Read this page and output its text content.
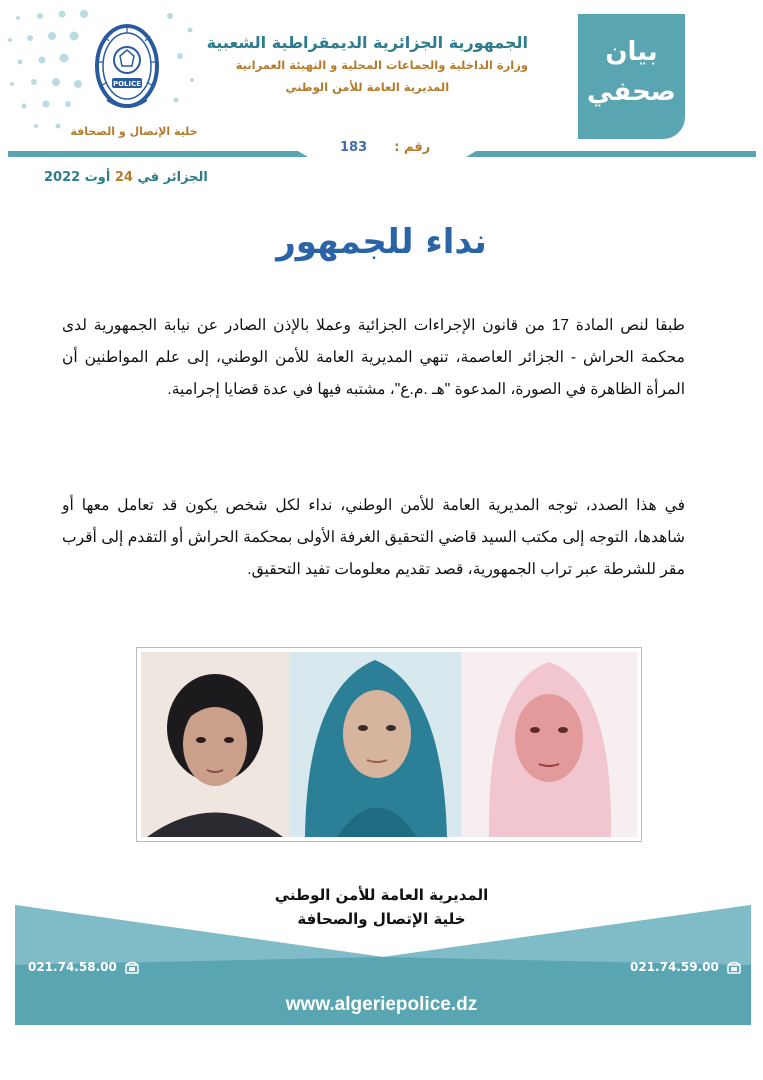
POLICE
خلية الإتصال و الصحافة
الجمهورية الجزائرية الديمقراطية الشعبية
وزارة الداخلية والجماعات المحلية و التهيئة العمرانية
المديرية العامة للأمن الوطني
بيان
صحفي
رقم :      183
الجزائر في 24 أوت 2022
نداء للجمهور
طبقا لنص المادة 17 من قانون الإجراءات الجزائية وعملا بالإذن الصادر عن نيابة الجمهورية لدى محكمة الحراش - الجزائر العاصمة، تنهي المديرية العامة للأمن الوطني، إلى علم المواطنين أن المرأة الظاهرة في الصورة، المدعوة "هـ .م.ع"، مشتبه فيها في عدة قضايا إجرامية.
في هذا الصدد، توجه المديرية العامة للأمن الوطني، نداء لكل شخص يكون قد تعامل معها أو شاهدها، التوجه إلى مكتب السيد قاضي التحقيق الغرفة الأولى بمحكمة الحراش أو التقدم إلى أقرب مقر للشرطة عبر تراب الجمهورية، قصد تقديم معلومات تفيد التحقيق.
المديرية العامة للأمن الوطني
خلية الإتصال والصحافة
021.74.58.00	021.74.59.00
www.algeriepolice.dz
